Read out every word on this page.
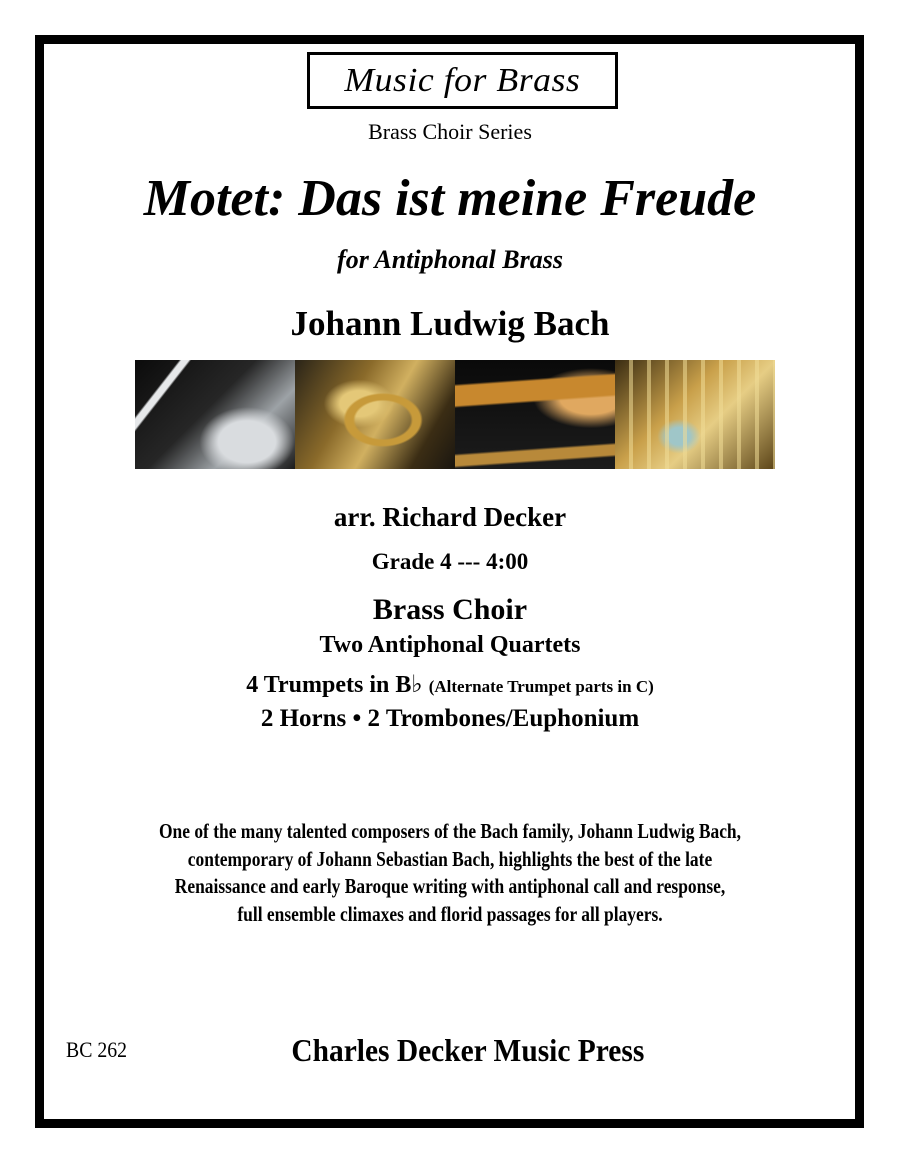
Music for Brass
Brass Choir Series
Motet: Das ist meine Freude
for Antiphonal Brass
Johann Ludwig Bach
arr. Richard Decker
Grade 4 --- 4:00
Brass Choir
Two Antiphonal Quartets
4 Trumpets in B♭ (Alternate Trumpet parts in C)
2 Horns • 2 Trombones/Euphonium
One of the many talented composers of the Bach family, Johann Ludwig Bach,
contemporary of Johann Sebastian Bach, highlights the best of the late
Renaissance and early Baroque writing with antiphonal call and response,
full ensemble climaxes and florid passages for all players.
BC 262	Charles Decker Music Press
